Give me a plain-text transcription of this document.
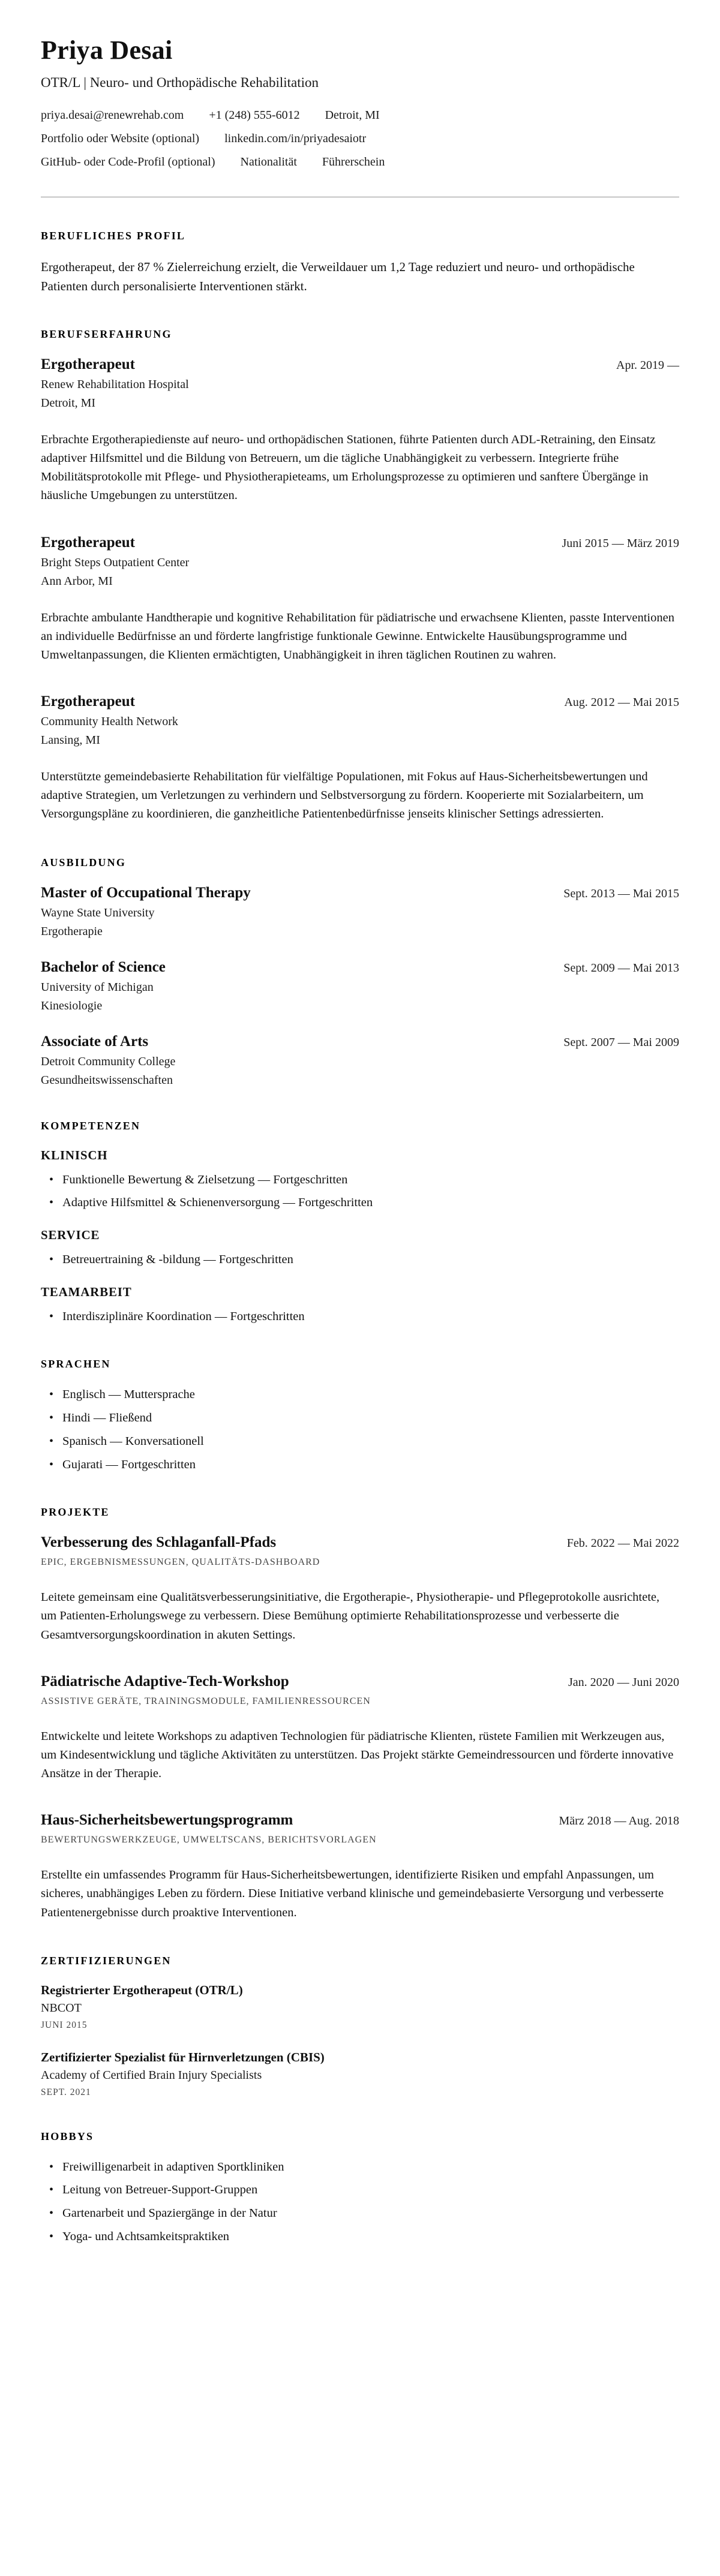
Priya Desai
OTR/L | Neuro- und Orthopädische Rehabilitation
priya.desai@renewrehab.com +1 (248) 555-6012 Detroit, MI
Portfolio oder Website (optional) linkedin.com/in/priyadesaiotr
GitHub- oder Code-Profil (optional) Nationalität Führerschein
BERUFLICHES PROFIL

Ergotherapeut, der 87 % Zielerreichung erzielt, die Verweildauer um 1,2 Tage reduziert und neuro- und orthopädische Patienten durch personalisierte Interventionen stärkt.

BERUFSERFAHRUNG
Ergotherapeut	Apr. 2019 —
Renew Rehabilitation Hospital
Detroit, MI

Erbrachte Ergotherapiedienste auf neuro- und orthopädischen Stationen, führte Patienten durch ADL-Retraining, den Einsatz adaptiver Hilfsmittel und die Bildung von Betreuern, um die tägliche Unabhängigkeit zu verbessern. Integrierte frühe Mobilitätsprotokolle mit Pflege- und Physiotherapieteams, um Erholungsprozesse zu optimieren und sanftere Übergänge in häusliche Umgebungen zu unterstützen.

Ergotherapeut	Juni 2015 — März 2019
Bright Steps Outpatient Center
Ann Arbor, MI

Erbrachte ambulante Handtherapie und kognitive Rehabilitation für pädiatrische und erwachsene Klienten, passte Interventionen an individuelle Bedürfnisse an und förderte langfristige funktionale Gewinne. Entwickelte Hausübungsprogramme und Umweltanpassungen, die Klienten ermächtigten, Unabhängigkeit in ihren täglichen Routinen zu wahren.

Ergotherapeut	Aug. 2012 — Mai 2015
Community Health Network
Lansing, MI

Unterstützte gemeindebasierte Rehabilitation für vielfältige Populationen, mit Fokus auf Haus-Sicherheitsbewertungen und adaptive Strategien, um Verletzungen zu verhindern und Selbstversorgung zu fördern. Kooperierte mit Sozialarbeitern, um Versorgungspläne zu koordinieren, die ganzheitliche Patientenbedürfnisse jenseits klinischer Settings adressierten.

AUSBILDUNG
Master of Occupational Therapy	Sept. 2013 — Mai 2015
Wayne State University
Ergotherapie
Bachelor of Science	Sept. 2009 — Mai 2013
University of Michigan
Kinesiologie
Associate of Arts	Sept. 2007 — Mai 2009
Detroit Community College
Gesundheitswissenschaften
KOMPETENZEN
KLINISCH
• Funktionelle Bewertung & Zielsetzung — Fortgeschritten
• Adaptive Hilfsmittel & Schienenversorgung — Fortgeschritten
SERVICE
• Betreuertraining & -bildung — Fortgeschritten
TEAMARBEIT
• Interdisziplinäre Koordination — Fortgeschritten
SPRACHEN
• Englisch — Muttersprache
• Hindi — Fließend
• Spanisch — Konversationell
• Gujarati — Fortgeschritten
PROJEKTE
Verbesserung des Schlaganfall-Pfads	Feb. 2022 — Mai 2022
EPIC, ERGEBNISMESSUNGEN, QUALITÄTS-DASHBOARD

Leitete gemeinsam eine Qualitätsverbesserungsinitiative, die Ergotherapie-, Physiotherapie- und Pflegeprotokolle ausrichtete, um Patienten-Erholungswege zu verbessern. Diese Bemühung optimierte Rehabilitationsprozesse und verbesserte die Gesamtversorgungskoordination in akuten Settings.

Pädiatrische Adaptive-Tech-Workshop	Jan. 2020 — Juni 2020
ASSISTIVE GERÄTE, TRAININGSMODULE, FAMILIENRESSOURCEN

Entwickelte und leitete Workshops zu adaptiven Technologien für pädiatrische Klienten, rüstete Familien mit Werkzeugen aus, um Kindesentwicklung und tägliche Aktivitäten zu unterstützen. Das Projekt stärkte Gemeindressourcen und förderte innovative Ansätze in der Therapie.

Haus-Sicherheitsbewertungsprogramm	März 2018 — Aug. 2018
BEWERTUNGSWERKZEUGE, UMWELTSCANS, BERICHTSVORLAGEN

Erstellte ein umfassendes Programm für Haus-Sicherheitsbewertungen, identifizierte Risiken und empfahl Anpassungen, um sicheres, unabhängiges Leben zu fördern. Diese Initiative verband klinische und gemeindebasierte Versorgung und verbesserte Patientenergebnisse durch proaktive Interventionen.

ZERTIFIZIERUNGEN
Registrierter Ergotherapeut (OTR/L)
NBCOT
JUNI 2015
Zertifizierter Spezialist für Hirnverletzungen (CBIS)
Academy of Certified Brain Injury Specialists
SEPT. 2021
HOBBYS
• Freiwilligenarbeit in adaptiven Sportkliniken
• Leitung von Betreuer-Support-Gruppen
• Gartenarbeit und Spaziergänge in der Natur
• Yoga- und Achtsamkeitspraktiken
